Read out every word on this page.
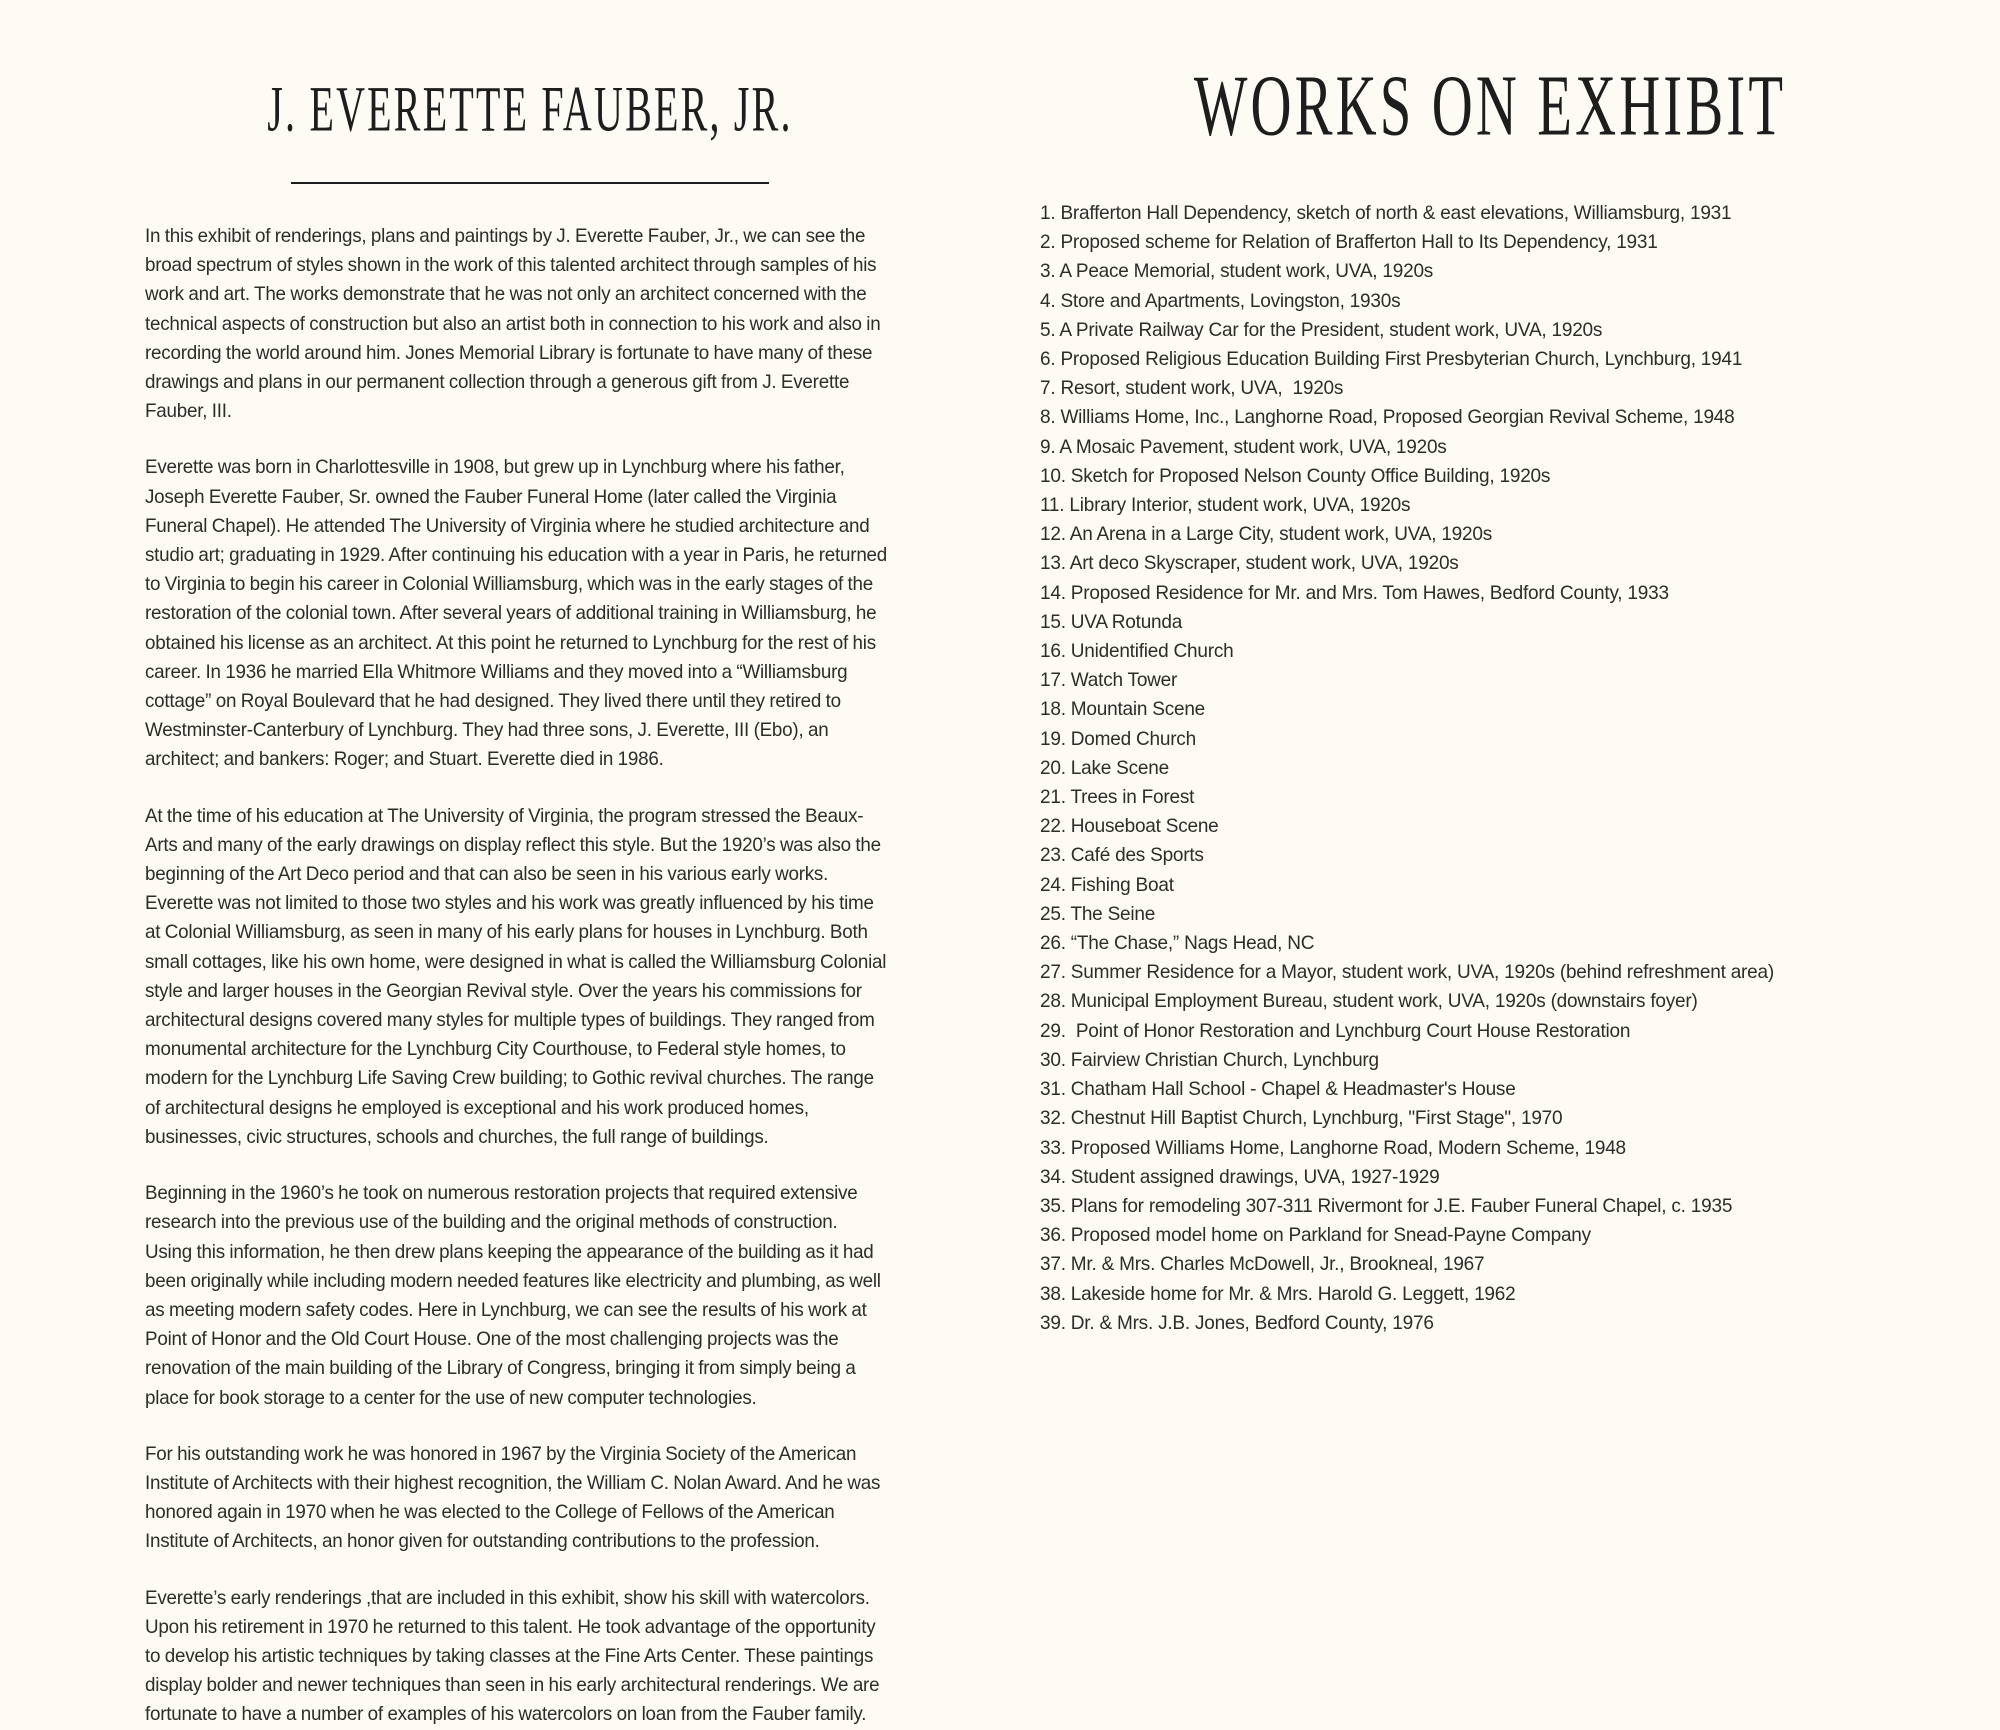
J. EVERETTE FAUBER, JR.

In this exhibit of renderings, plans and paintings by J. Everette Fauber, Jr., we can see the broad spectrum of styles shown in the work of this talented architect through samples of his work and art. The works demonstrate that he was not only an architect concerned with the technical aspects of construction but also an artist both in connection to his work and also in recording the world around him. Jones Memorial Library is fortunate to have many of these drawings and plans in our permanent collection through a generous gift from J. Everette Fauber, III.

Everette was born in Charlottesville in 1908, but grew up in Lynchburg where his father, Joseph Everette Fauber, Sr. owned the Fauber Funeral Home (later called the Virginia Funeral Chapel). He attended The University of Virginia where he studied architecture and studio art; graduating in 1929. After continuing his education with a year in Paris, he returned to Virginia to begin his career in Colonial Williamsburg, which was in the early stages of the restoration of the colonial town. After several years of additional training in Williamsburg, he obtained his license as an architect. At this point he returned to Lynchburg for the rest of his career. In 1936 he married Ella Whitmore Williams and they moved into a “Williamsburg cottage” on Royal Boulevard that he had designed. They lived there until they retired to Westminster-Canterbury of Lynchburg. They had three sons, J. Everette, III (Ebo), an architect; and bankers: Roger; and Stuart. Everette died in 1986.

At the time of his education at The University of Virginia, the program stressed the Beaux-Arts and many of the early drawings on display reflect this style. But the 1920’s was also the beginning of the Art Deco period and that can also be seen in his various early works. Everette was not limited to those two styles and his work was greatly influenced by his time at Colonial Williamsburg, as seen in many of his early plans for houses in Lynchburg. Both small cottages, like his own home, were designed in what is called the Williamsburg Colonial style and larger houses in the Georgian Revival style. Over the years his commissions for architectural designs covered many styles for multiple types of buildings. They ranged from monumental architecture for the Lynchburg City Courthouse, to Federal style homes, to modern for the Lynchburg Life Saving Crew building; to Gothic revival churches. The range of architectural designs he employed is exceptional and his work produced homes, businesses, civic structures, schools and churches, the full range of buildings.

Beginning in the 1960’s he took on numerous restoration projects that required extensive research into the previous use of the building and the original methods of construction. Using this information, he then drew plans keeping the appearance of the building as it had been originally while including modern needed features like electricity and plumbing, as well as meeting modern safety codes. Here in Lynchburg, we can see the results of his work at Point of Honor and the Old Court House. One of the most challenging projects was the renovation of the main building of the Library of Congress, bringing it from simply being a place for book storage to a center for the use of new computer technologies.

For his outstanding work he was honored in 1967 by the Virginia Society of the American Institute of Architects with their highest recognition, the William C. Nolan Award. And he was honored again in 1970 when he was elected to the College of Fellows of the American Institute of Architects, an honor given for outstanding contributions to the profession.

Everette’s early renderings ,that are included in this exhibit, show his skill with watercolors. Upon his retirement in 1970 he returned to this talent. He took advantage of the opportunity to develop his artistic techniques by taking classes at the Fine Arts Center. These paintings display bolder and newer techniques than seen in his early architectural renderings. We are fortunate to have a number of examples of his watercolors on loan from the Fauber family.

WORKS ON EXHIBIT
1. Brafferton Hall Dependency, sketch of north & east elevations, Williamsburg, 1931
2. Proposed scheme for Relation of Brafferton Hall to Its Dependency, 1931
3. A Peace Memorial, student work, UVA, 1920s
4. Store and Apartments, Lovingston, 1930s
5. A Private Railway Car for the President, student work, UVA, 1920s
6. Proposed Religious Education Building First Presbyterian Church, Lynchburg, 1941
7. Resort, student work, UVA,  1920s
8. Williams Home, Inc., Langhorne Road, Proposed Georgian Revival Scheme, 1948
9. A Mosaic Pavement, student work, UVA, 1920s
10. Sketch for Proposed Nelson County Office Building, 1920s
11. Library Interior, student work, UVA, 1920s
12. An Arena in a Large City, student work, UVA, 1920s
13. Art deco Skyscraper, student work, UVA, 1920s
14. Proposed Residence for Mr. and Mrs. Tom Hawes, Bedford County, 1933
15. UVA Rotunda
16. Unidentified Church
17. Watch Tower
18. Mountain Scene
19. Domed Church
20. Lake Scene
21. Trees in Forest
22. Houseboat Scene
23. Café des Sports
24. Fishing Boat
25. The Seine
26. “The Chase,” Nags Head, NC
27. Summer Residence for a Mayor, student work, UVA, 1920s (behind refreshment area)
28. Municipal Employment Bureau, student work, UVA, 1920s (downstairs foyer)
29.  Point of Honor Restoration and Lynchburg Court House Restoration
30. Fairview Christian Church, Lynchburg
31. Chatham Hall School - Chapel & Headmaster's House
32. Chestnut Hill Baptist Church, Lynchburg, "First Stage", 1970
33. Proposed Williams Home, Langhorne Road, Modern Scheme, 1948
34. Student assigned drawings, UVA, 1927-1929
35. Plans for remodeling 307-311 Rivermont for J.E. Fauber Funeral Chapel, c. 1935
36. Proposed model home on Parkland for Snead-Payne Company
37. Mr. & Mrs. Charles McDowell, Jr., Brookneal, 1967
38. Lakeside home for Mr. & Mrs. Harold G. Leggett, 1962
39. Dr. & Mrs. J.B. Jones, Bedford County, 1976
